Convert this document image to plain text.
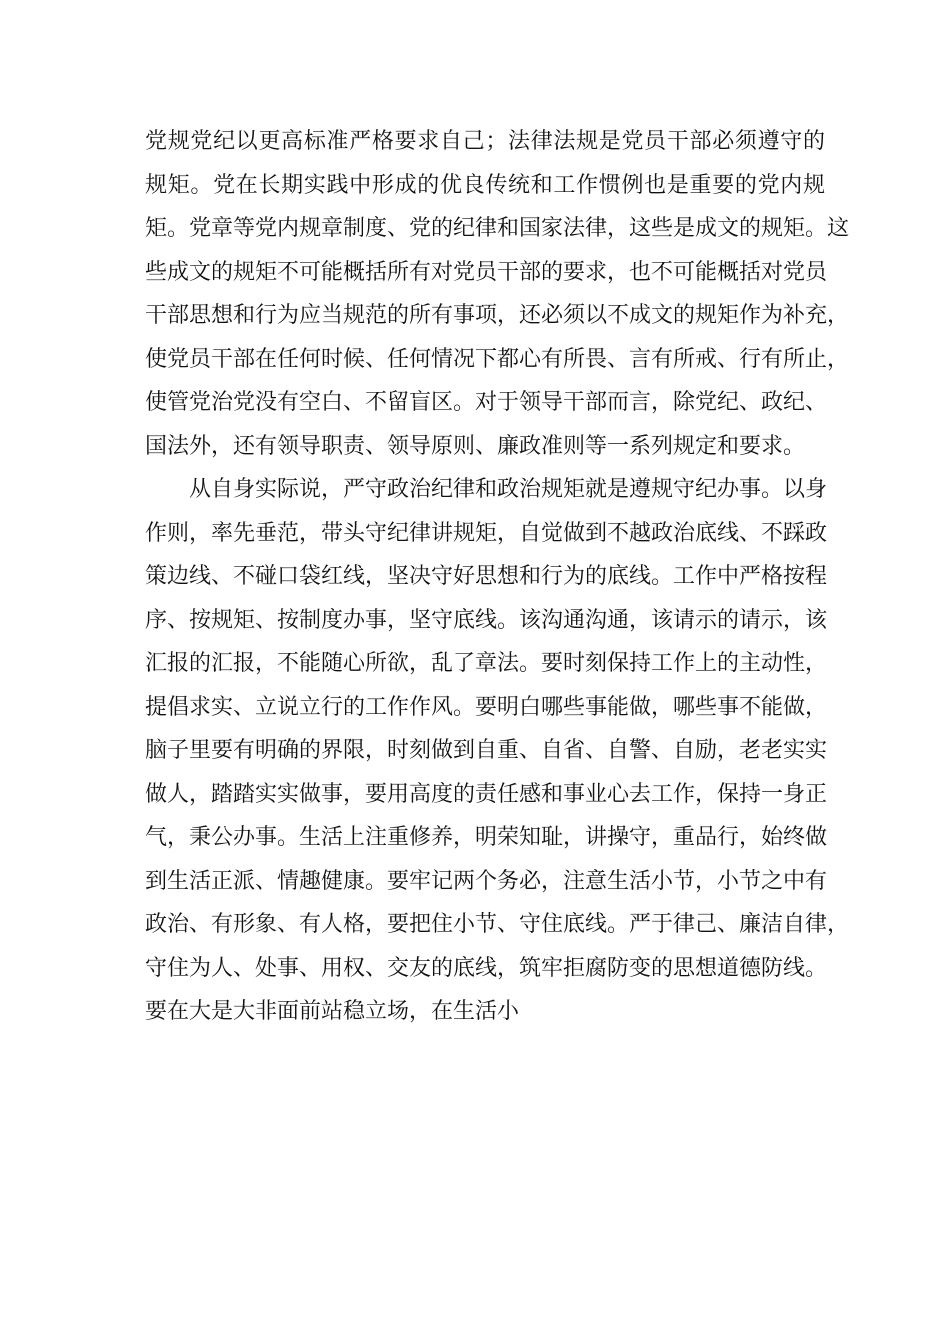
党规党纪以更高标准严格要求自己；法律法规是党员干部必须遵守的
规矩。党在长期实践中形成的优良传统和工作惯例也是重要的党内规
矩。党章等党内规章制度、党的纪律和国家法律，这些是成文的规矩。这
些成文的规矩不可能概括所有对党员干部的要求，也不可能概括对党员
干部思想和行为应当规范的所有事项，还必须以不成文的规矩作为补充，
使党员干部在任何时候、任何情况下都心有所畏、言有所戒、行有所止，
使管党治党没有空白、不留盲区。对于领导干部而言，除党纪、政纪、
国法外，还有领导职责、领导原则、廉政准则等一系列规定和要求。
从自身实际说，严守政治纪律和政治规矩就是遵规守纪办事。以身
作则，率先垂范，带头守纪律讲规矩，自觉做到不越政治底线、不踩政
策边线、不碰口袋红线，坚决守好思想和行为的底线。工作中严格按程
序、按规矩、按制度办事，坚守底线。该沟通沟通，该请示的请示，该
汇报的汇报，不能随心所欲，乱了章法。要时刻保持工作上的主动性，
提倡求实、立说立行的工作作风。要明白哪些事能做，哪些事不能做，
脑子里要有明确的界限，时刻做到自重、自省、自警、自励，老老实实
做人，踏踏实实做事，要用高度的责任感和事业心去工作，保持一身正
气，秉公办事。生活上注重修养，明荣知耻，讲操守，重品行，始终做
到生活正派、情趣健康。要牢记两个务必，注意生活小节，小节之中有
政治、有形象、有人格，要把住小节、守住底线。严于律己、廉洁自律，
守住为人、处事、用权、交友的底线，筑牢拒腐防变的思想道德防线。
要在大是大非面前站稳立场，在生活小
